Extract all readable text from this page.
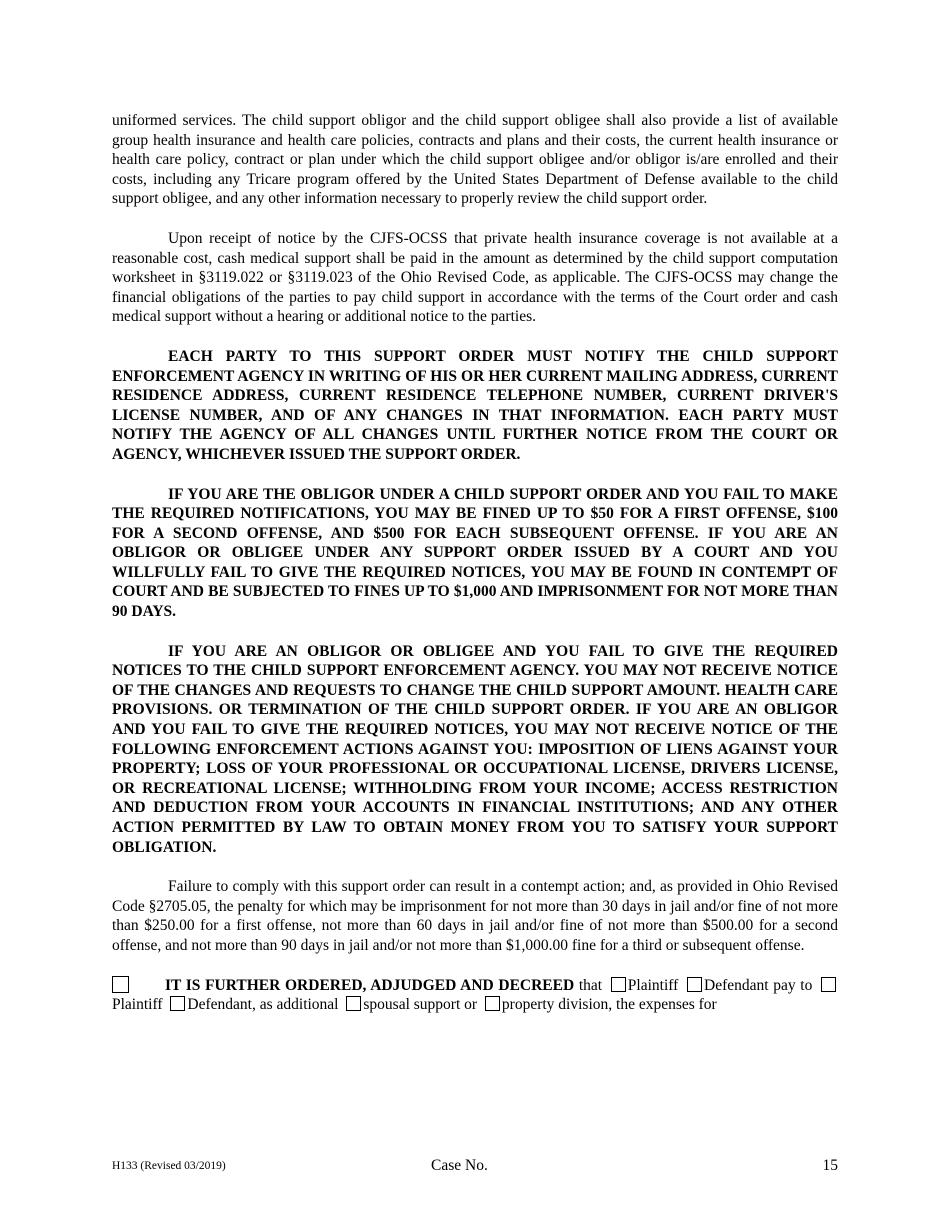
uniformed services. The child support obligor and the child support obligee shall also provide a list of available group health insurance and health care policies, contracts and plans and their costs, the current health insurance or health care policy, contract or plan under which the child support obligee and/or obligor is/are enrolled and their costs, including any Tricare program offered by the United States Department of Defense available to the child support obligee, and any other information necessary to properly review the child support order.

Upon receipt of notice by the CJFS-OCSS that private health insurance coverage is not available at a reasonable cost, cash medical support shall be paid in the amount as determined by the child support computation worksheet in §3119.022 or §3119.023 of the Ohio Revised Code, as applicable. The CJFS-OCSS may change the financial obligations of the parties to pay child support in accordance with the terms of the Court order and cash medical support without a hearing or additional notice to the parties.

EACH PARTY TO THIS SUPPORT ORDER MUST NOTIFY THE CHILD SUPPORT ENFORCEMENT AGENCY IN WRITING OF HIS OR HER CURRENT MAILING ADDRESS, CURRENT RESIDENCE ADDRESS, CURRENT RESIDENCE TELEPHONE NUMBER, CURRENT DRIVER'S LICENSE NUMBER, AND OF ANY CHANGES IN THAT INFORMATION. EACH PARTY MUST NOTIFY THE AGENCY OF ALL CHANGES UNTIL FURTHER NOTICE FROM THE COURT OR AGENCY, WHICHEVER ISSUED THE SUPPORT ORDER.

IF YOU ARE THE OBLIGOR UNDER A CHILD SUPPORT ORDER AND YOU FAIL TO MAKE THE REQUIRED NOTIFICATIONS, YOU MAY BE FINED UP TO $50 FOR A FIRST OFFENSE, $100 FOR A SECOND OFFENSE, AND $500 FOR EACH SUBSEQUENT OFFENSE. IF YOU ARE AN OBLIGOR OR OBLIGEE UNDER ANY SUPPORT ORDER ISSUED BY A COURT AND YOU WILLFULLY FAIL TO GIVE THE REQUIRED NOTICES, YOU MAY BE FOUND IN CONTEMPT OF COURT AND BE SUBJECTED TO FINES UP TO $1,000 AND IMPRISONMENT FOR NOT MORE THAN 90 DAYS.

IF YOU ARE AN OBLIGOR OR OBLIGEE AND YOU FAIL TO GIVE THE REQUIRED NOTICES TO THE CHILD SUPPORT ENFORCEMENT AGENCY. YOU MAY NOT RECEIVE NOTICE OF THE CHANGES AND REQUESTS TO CHANGE THE CHILD SUPPORT AMOUNT. HEALTH CARE PROVISIONS. OR TERMINATION OF THE CHILD SUPPORT ORDER. IF YOU ARE AN OBLIGOR AND YOU FAIL TO GIVE THE REQUIRED NOTICES, YOU MAY NOT RECEIVE NOTICE OF THE FOLLOWING ENFORCEMENT ACTIONS AGAINST YOU: IMPOSITION OF LIENS AGAINST YOUR PROPERTY; LOSS OF YOUR PROFESSIONAL OR OCCUPATIONAL LICENSE, DRIVERS LICENSE, OR RECREATIONAL LICENSE; WITHHOLDING FROM YOUR INCOME; ACCESS RESTRICTION AND DEDUCTION FROM YOUR ACCOUNTS IN FINANCIAL INSTITUTIONS; AND ANY OTHER ACTION PERMITTED BY LAW TO OBTAIN MONEY FROM YOU TO SATISFY YOUR SUPPORT OBLIGATION.

Failure to comply with this support order can result in a contempt action; and, as provided in Ohio Revised Code §2705.05, the penalty for which may be imprisonment for not more than 30 days in jail and/or fine of not more than $250.00 for a first offense, not more than 60 days in jail and/or fine of not more than $500.00 for a second offense, and not more than 90 days in jail and/or not more than $1,000.00 fine for a third or subsequent offense.

IT IS FURTHER ORDERED, ADJUDGED AND DECREED that Plaintiff Defendant pay to Plaintiff Defendant, as additional spousal support or property division, the expenses for

H133 (Revised 03/2019)	Case No.	15
